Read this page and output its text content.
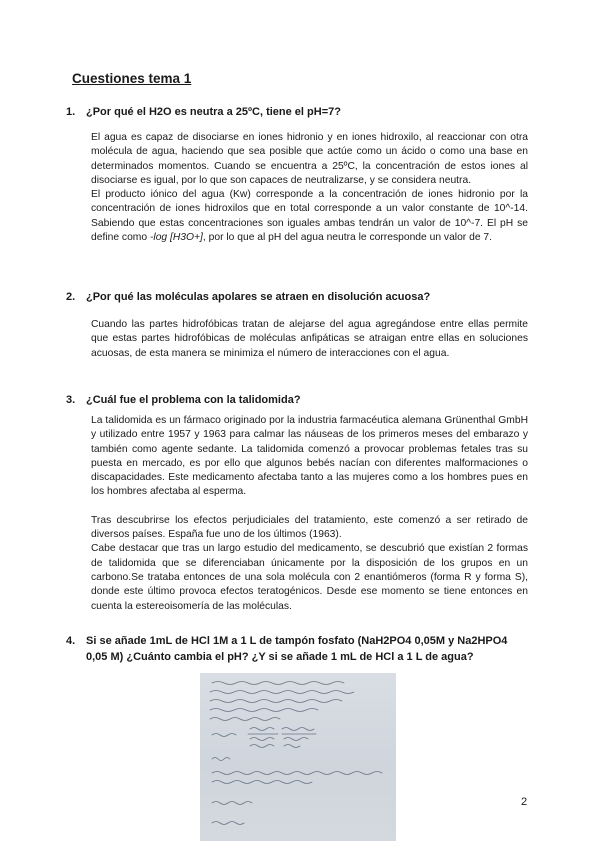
Cuestiones tema 1
1. ¿Por qué el H2O es neutra a 25ºC, tiene el pH=7?

El agua es capaz de disociarse en iones hidronio y en iones hidroxilo, al reaccionar con otra molécula de agua, haciendo que sea posible que actúe como un ácido o como una base en determinados momentos. Cuando se encuentra a 25ºC, la concentración de estos iones al disociarse es igual, por lo que son capaces de neutralizarse, y se considera neutra.

El producto iónico del agua (Kw) corresponde a la concentración de iones hidronio por la concentración de iones hidroxilos que en total corresponde a un valor constante de 10^-14. Sabiendo que estas concentraciones son iguales ambas tendrán un valor de 10^-7. El pH se define como -log [H3O+], por lo que al pH del agua neutra le corresponde un valor de 7.

2. ¿Por qué las moléculas apolares se atraen en disolución acuosa?

Cuando las partes hidrofóbicas tratan de alejarse del agua agregándose entre ellas permite que estas partes hidrofóbicas de moléculas anfipáticas se atraigan entre ellas en soluciones acuosas, de esta manera se minimiza el número de interacciones con el agua.

3. ¿Cuál fue el problema con la talidomida?

La talidomida es un fármaco originado por la industria farmacéutica alemana Grünenthal GmbH y utilizado entre 1957 y 1963 para calmar las náuseas de los primeros meses del embarazo y también como agente sedante. La talidomida comenzó a provocar problemas fetales tras su puesta en mercado, es por ello que algunos bebés nacían con diferentes malformaciones o discapacidades. Este medicamento afectaba tanto a las mujeres como a los hombres pues en los hombres afectaba al esperma.

Tras descubrirse los efectos perjudiciales del tratamiento, este comenzó a ser retirado de diversos países. España fue uno de los últimos (1963).

Cabe destacar que tras un largo estudio del medicamento, se descubrió que existían 2 formas de talidomida que se diferenciaban únicamente por la disposición de los grupos en un carbono.Se trataba entonces de una sola molécula con 2 enantiómeros (forma R y forma S), donde este último provoca efectos teratogénicos. Desde ese momento se tiene entonces en cuenta la estereoisomería de las moléculas.

4. Si se añade 1mL de HCl 1M a 1 L de tampón fosfato (NaH2PO4 0,05M y Na2HPO4 0,05 M) ¿Cuánto cambia el pH? ¿Y si se añade 1 mL de HCl a 1 L de agua?
2
